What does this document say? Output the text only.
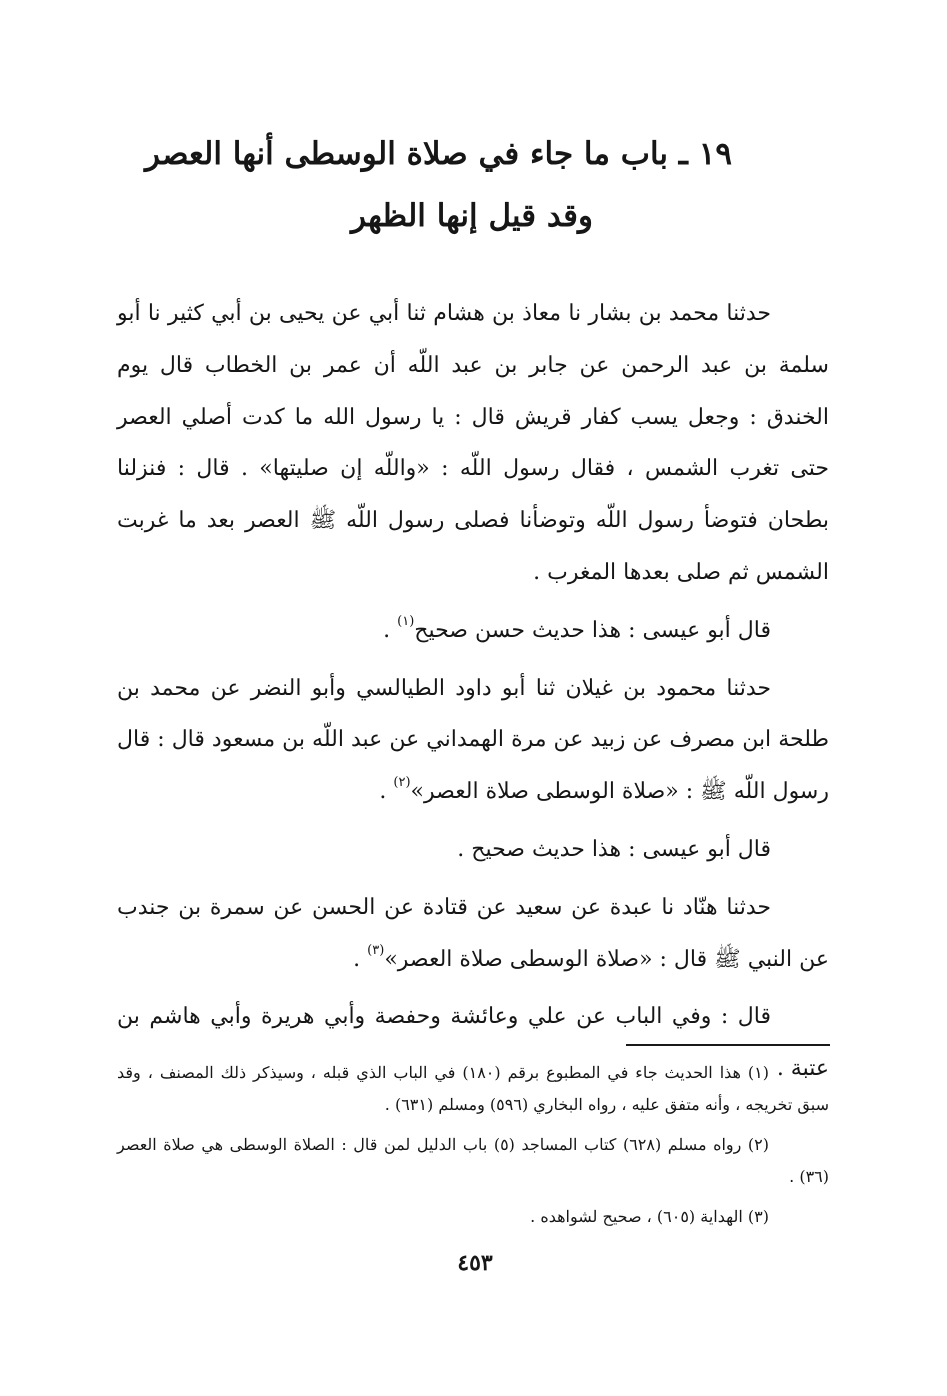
١٩ ـ باب ما جاء في صلاة الوسطى أنها العصر
وقد قيل إنها الظهر

حدثنا محمد بن بشار نا معاذ بن هشام ثنا أبي عن يحيى بن أبي كثير نا أبو سلمة بن عبد الرحمن عن جابر بن عبد اللّه أن عمر بن الخطاب قال يوم الخندق : وجعل يسب كفار قريش قال : يا رسول الله ما كدت أصلي العصر حتى تغرب الشمس ، فقال رسول اللّه : «واللّه إن صليتها» . قال : فنزلنا بطحان فتوضأ رسول اللّه وتوضأنا فصلى رسول اللّه ﷺ العصر بعد ما غربت الشمس ثم صلى بعدها المغرب .

قال أبو عيسى : هذا حديث حسن صحيح$^{(١)}$ .

حدثنا محمود بن غيلان ثنا أبو داود الطيالسي وأبو النضر عن محمد بن طلحة ابن مصرف عن زبيد عن مرة الهمداني عن عبد اللّه بن مسعود قال : قال رسول اللّه ﷺ : «صلاة الوسطى صلاة العصر»$^{(٢)}$ .

قال أبو عيسى : هذا حديث صحيح .

حدثنا هنّاد نا عبدة عن سعيد عن قتادة عن الحسن عن سمرة بن جندب عن النبي ﷺ قال : «صلاة الوسطى صلاة العصر»$^{(٣)}$ .

قال : وفي الباب عن علي وعائشة وحفصة وأبي هريرة وأبي هاشم بن عتبة .

(١) هذا الحديث جاء في المطبوع برقم (١٨٠) في الباب الذي قبله ، وسيذكر ذلك المصنف ، وقد سبق تخريجه ، وأنه متفق عليه ، رواه البخاري (٥٩٦) ومسلم (٦٣١) .

(٢) رواه مسلم (٦٢٨) كتاب المساجد (٥) باب الدليل لمن قال : الصلاة الوسطى هي صلاة العصر (٣٦) .

(٣) الهداية (٦٠٥) ، صحيح لشواهده .

٤٥٣
